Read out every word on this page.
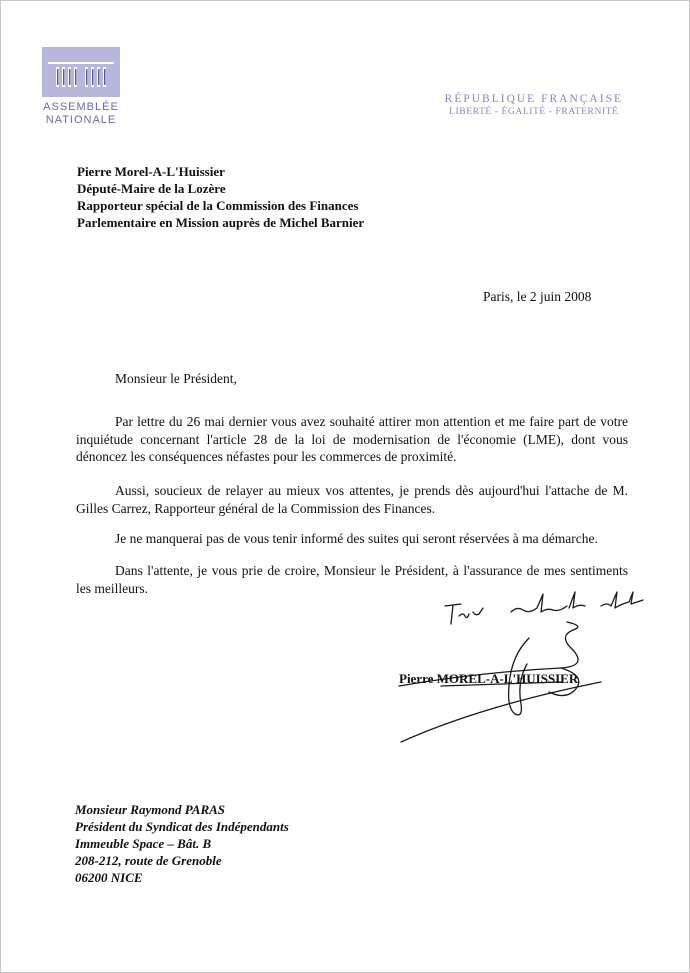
ASSEMBLÉE
NATIONALE
RÉPUBLIQUE FRANÇAISE
LIBERTÉ - ÉGALITÉ - FRATERNITÉ
Pierre Morel-A-L'Huissier
Député-Maire de la Lozère
Rapporteur spécial de la Commission des Finances
Parlementaire en Mission auprès de Michel Barnier
Paris, le 2 juin 2008
Monsieur le Président,
Par lettre du 26 mai dernier vous avez souhaité attirer mon attention et me faire part de votre inquiétude concernant l'article 28 de la loi de modernisation de l'économie (LME), dont vous dénoncez les conséquences néfastes pour les commerces de proximité.
Aussi, soucieux de relayer au mieux vos attentes, je prends dès aujourd'hui l'attache de M. Gilles Carrez, Rapporteur général de la Commission des Finances.
Je ne manquerai pas de vous tenir informé des suites qui seront réservées à ma démarche.
Dans l'attente, je vous prie de croire, Monsieur le Président, à l'assurance de mes sentiments les meilleurs.
Pierre MOREL-A-L'HUISSIER
Monsieur Raymond PARAS
Président du Syndicat des Indépendants
Immeuble Space – Bât. B
208-212, route de Grenoble
06200 NICE
